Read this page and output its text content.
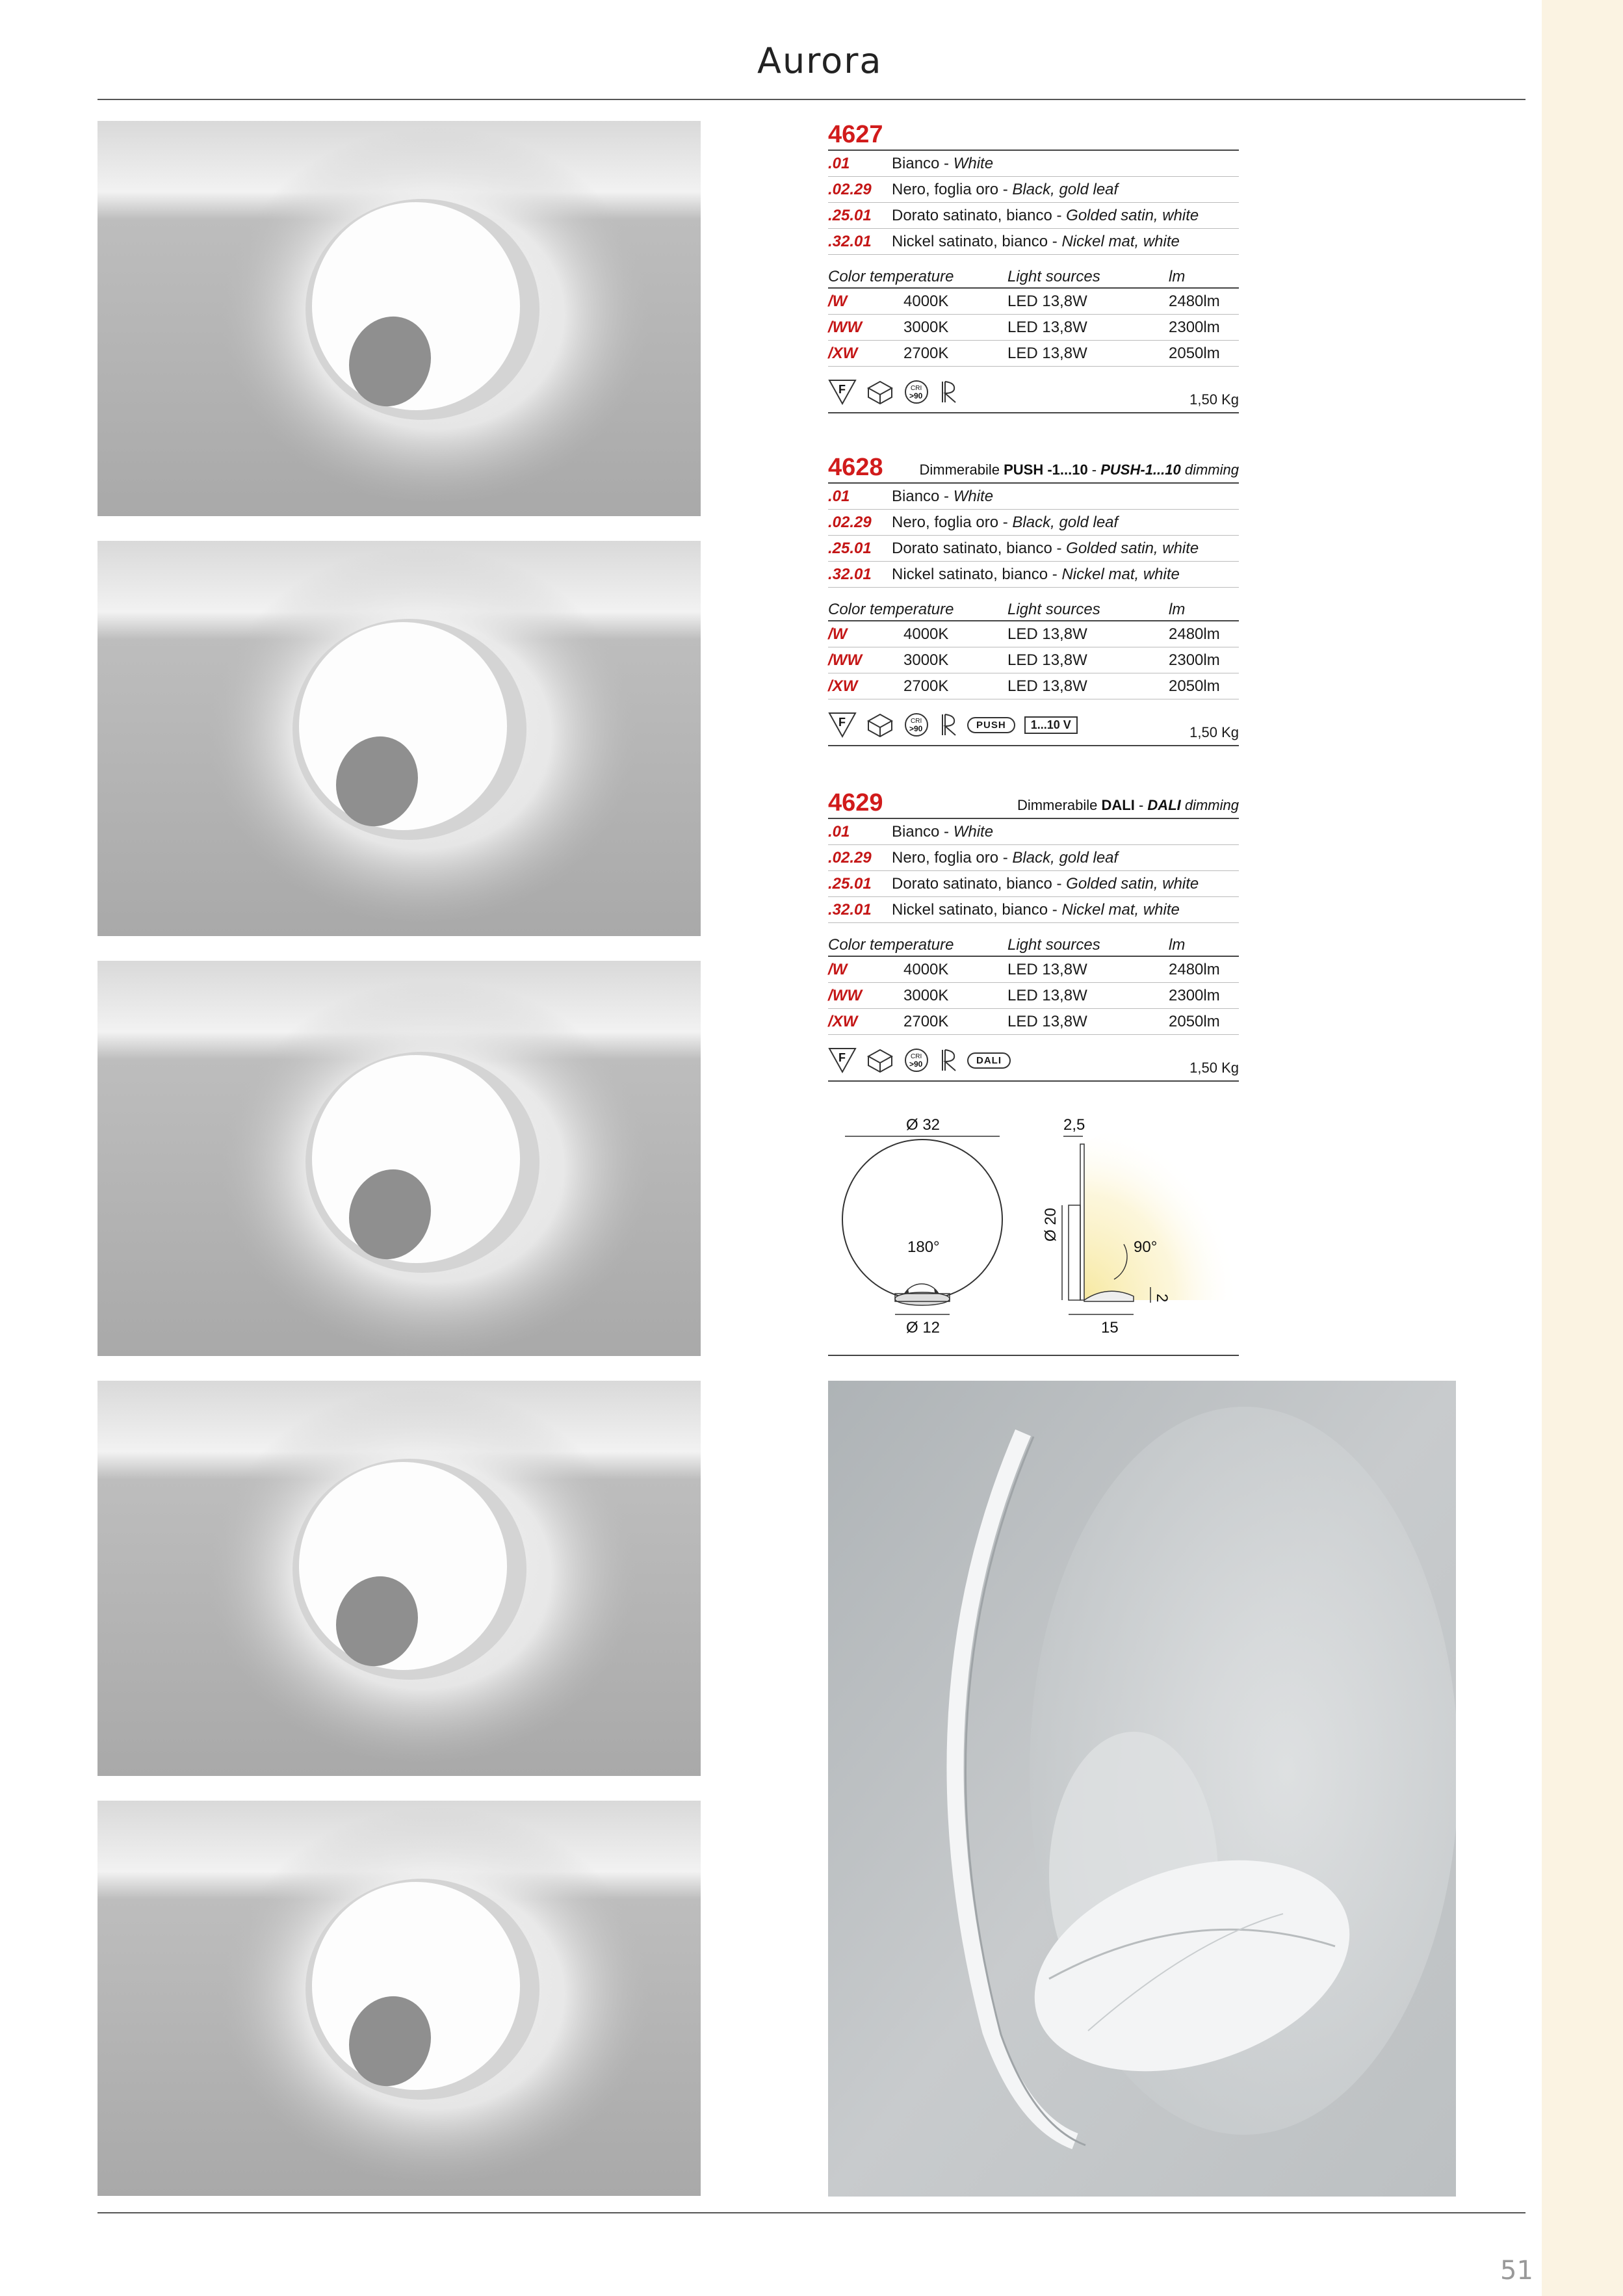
Aurora
4627
.01	Bianco - White
.02.29	Nero, foglia oro - Black, gold leaf
.25.01	Dorato satinato, bianco - Golded satin, white
.32.01	Nickel satinato, bianco - Nickel mat, white
Color temperature	Light sources	lm
/W	4000K	LED 13,8W	2480lm
/WW	3000K	LED 13,8W	2300lm
/XW	2700K	LED 13,8W	2050lm
F	CRI
>90	1,50 Kg
4628	Dimmerabile PUSH -1...10 - PUSH-1...10 dimming
.01	Bianco - White
.02.29	Nero, foglia oro - Black, gold leaf
.25.01	Dorato satinato, bianco - Golded satin, white
.32.01	Nickel satinato, bianco - Nickel mat, white
Color temperature	Light sources	lm
/W	4000K	LED 13,8W	2480lm
/WW	3000K	LED 13,8W	2300lm
/XW	2700K	LED 13,8W	2050lm
F	CRI
>90	PUSH	1...10 V	1,50 Kg
4629	Dimmerabile DALI - DALI dimming
.01	Bianco - White
.02.29	Nero, foglia oro - Black, gold leaf
.25.01	Dorato satinato, bianco - Golded satin, white
.32.01	Nickel satinato, bianco - Nickel mat, white
Color temperature	Light sources	lm
/W	4000K	LED 13,8W	2480lm
/WW	3000K	LED 13,8W	2300lm
/XW	2700K	LED 13,8W	2050lm
F	CRI
>90	DALI	1,50 Kg
Ø 32
180°
Ø 12
2,5
Ø 20
90°
2
15
51
